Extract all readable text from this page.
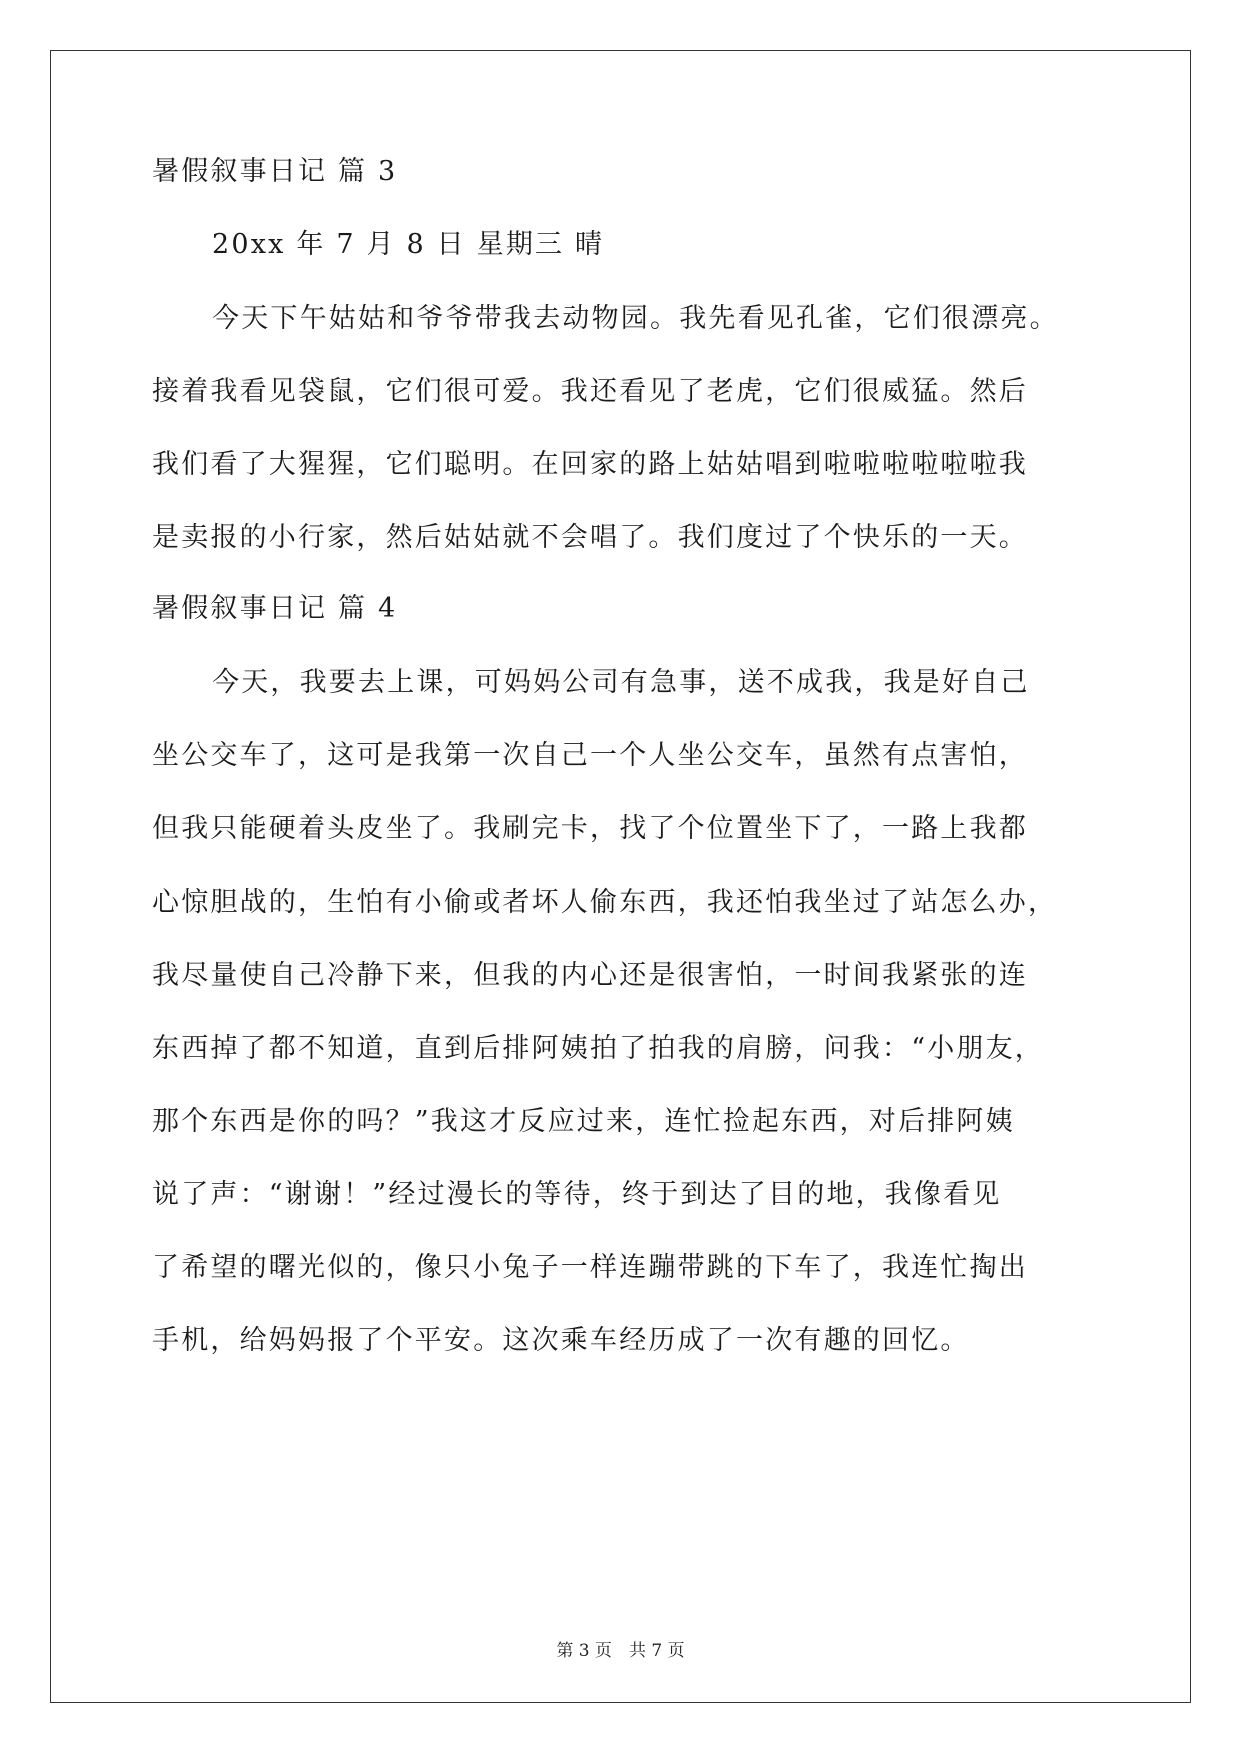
暑假叙事日记 篇 3
20xx 年 7 月 8 日 星期三 晴
今天下午姑姑和爷爷带我去动物园。我先看见孔雀，它们很漂亮。
接着我看见袋鼠，它们很可爱。我还看见了老虎，它们很威猛。然后
我们看了大猩猩，它们聪明。在回家的路上姑姑唱到啦啦啦啦啦啦我
是卖报的小行家，然后姑姑就不会唱了。我们度过了个快乐的一天。
暑假叙事日记 篇 4
今天，我要去上课，可妈妈公司有急事，送不成我，我是好自己
坐公交车了，这可是我第一次自己一个人坐公交车，虽然有点害怕，
但我只能硬着头皮坐了。我刷完卡，找了个位置坐下了，一路上我都
心惊胆战的，生怕有小偷或者坏人偷东西，我还怕我坐过了站怎么办，
我尽量使自己冷静下来，但我的内心还是很害怕，一时间我紧张的连
东西掉了都不知道，直到后排阿姨拍了拍我的肩膀，问我：“小朋友，
那个东西是你的吗？”我这才反应过来，连忙捡起东西，对后排阿姨
说了声：“谢谢！”经过漫长的等待，终于到达了目的地，我像看见
了希望的曙光似的，像只小兔子一样连蹦带跳的下车了，我连忙掏出
手机，给妈妈报了个平安。这次乘车经历成了一次有趣的回忆。
第 3 页　共 7 页
